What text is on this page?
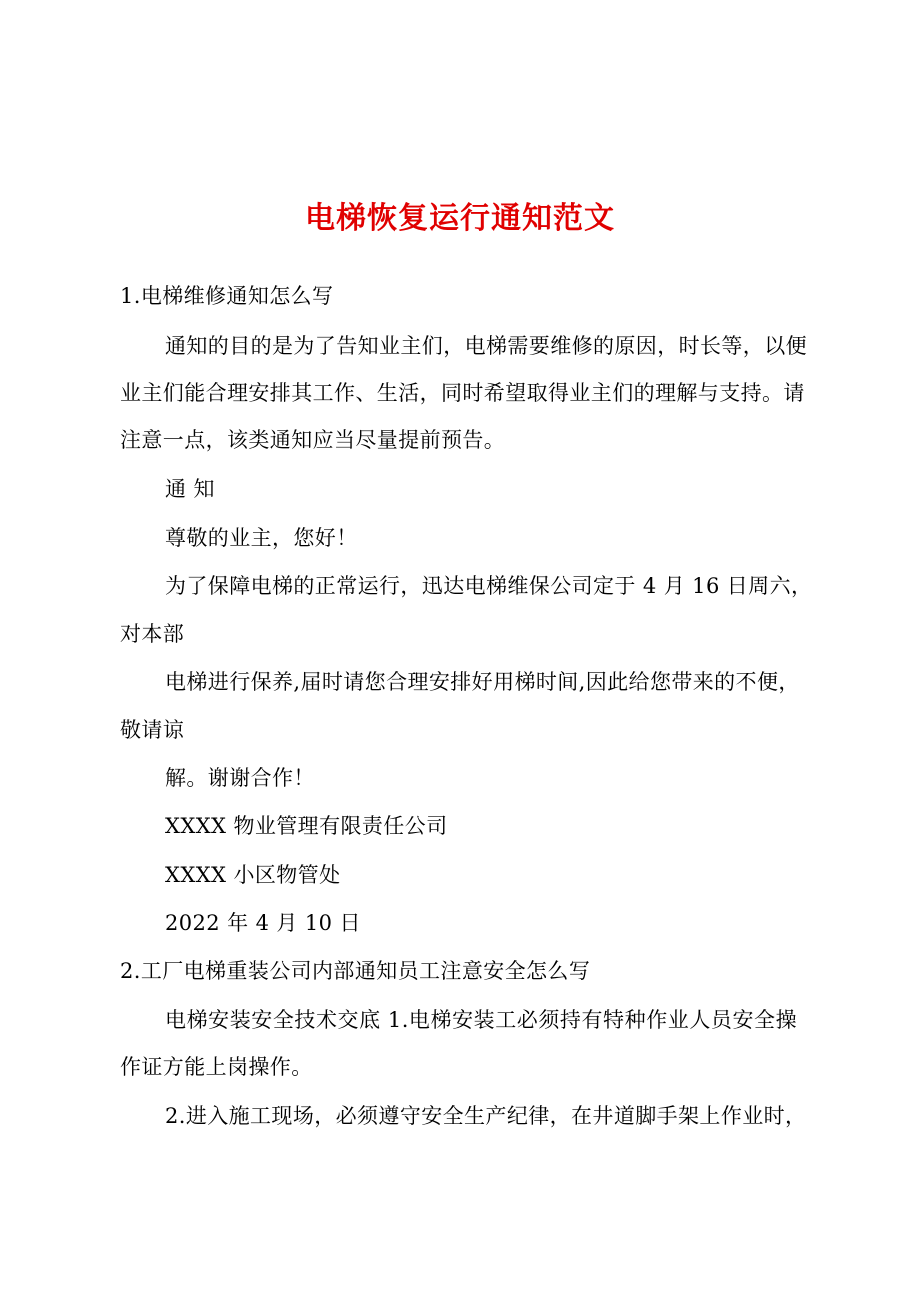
电梯恢复运行通知范文
1.电梯维修通知怎么写
通知的目的是为了告知业主们，电梯需要维修的原因，时长等，以便
业主们能合理安排其工作、生活，同时希望取得业主们的理解与支持。请
注意一点，该类通知应当尽量提前预告。
通 知
尊敬的业主，您好！
为了保障电梯的正常运行，迅达电梯维保公司定于 4 月 16 日周六，
对本部
电梯进行保养,届时请您合理安排好用梯时间,因此给您带来的不便，
敬请谅
解。谢谢合作！
XXXX 物业管理有限责任公司
XXXX 小区物管处
2022 年 4 月 10 日
2.工厂电梯重装公司内部通知员工注意安全怎么写
电梯安装安全技术交底 1.电梯安装工必须持有特种作业人员安全操
作证方能上岗操作。
2.进入施工现场，必须遵守安全生产纪律，在井道脚手架上作业时，
